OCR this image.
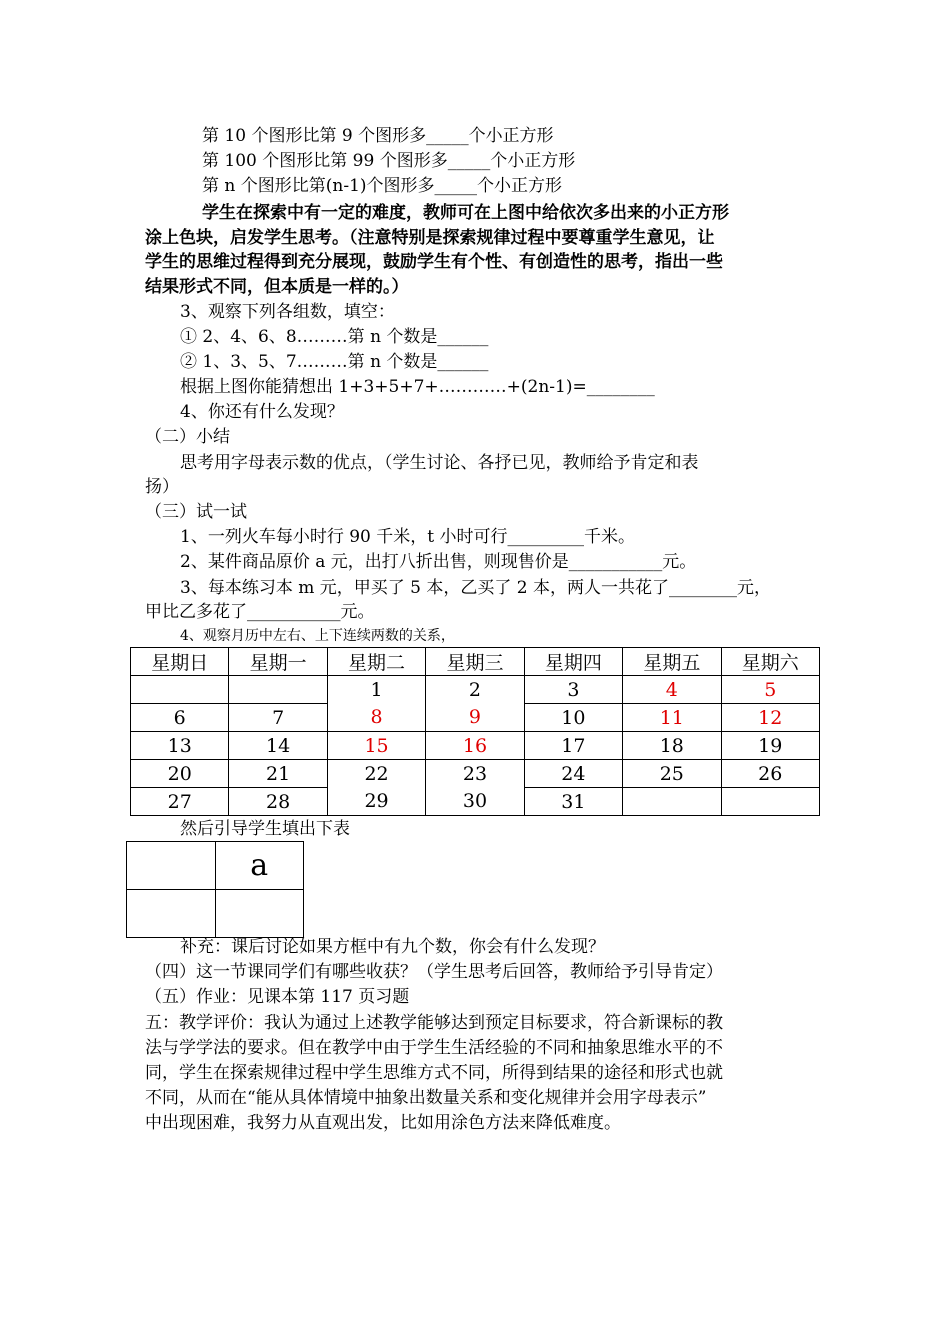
第 10 个图形比第 9 个图形多_____个小正方形
第 100 个图形比第 99 个图形多_____个小正方形
第 n 个图形比第(n-1)个图形多_____个小正方形
学生在探索中有一定的难度，教师可在上图中给依次多出来的小正方形
涂上色块，启发学生思考。（注意特别是探索规律过程中要尊重学生意见，让
学生的思维过程得到充分展现，鼓励学生有个性、有创造性的思考，指出一些
结果形式不同，但本质是一样的。）
3、观察下列各组数，填空：
① 2、4、6、8………第 n 个数是______
② 1、3、5、7………第 n 个数是______
根据上图你能猜想出 1+3+5+7+…………+(2n-1)=________
4、你还有什么发现？
（二）小结
思考用字母表示数的优点，（学生讨论、各抒已见，教师给予肯定和表
扬）
（三）试一试
1、一列火车每小时行 90 千米，t 小时可行_________千米。
2、某件商品原价 a 元，出打八折出售，则现售价是___________元。
3、每本练习本 m 元，甲买了 5 本，乙买了 2 本，两人一共花了________元，
甲比乙多花了___________元。
4、观察月历中左右、上下连续两数的关系，
星期日	星期一	星期二	星期三	星期四	星期五	星期六
		1	2	3	4	5
6	7	8	9	10	11	12
13	14	15	16	17	18	19
20	21	22	23	24	25	26
27	28	29	30	31		
然后引导学生填出下表
	a

补充：课后讨论如果方框中有九个数，你会有什么发现？
（四）这一节课同学们有哪些收获？（学生思考后回答，教师给予引导肯定）
（五）作业：见课本第 117 页习题
五：教学评价：我认为通过上述教学能够达到预定目标要求，符合新课标的教
法与学学法的要求。但在教学中由于学生生活经验的不同和抽象思维水平的不
同，学生在探索规律过程中学生思维方式不同，所得到结果的途径和形式也就
不同，从而在“能从具体情境中抽象出数量关系和变化规律并会用字母表示”
中出现困难，我努力从直观出发，比如用涂色方法来降低难度。
